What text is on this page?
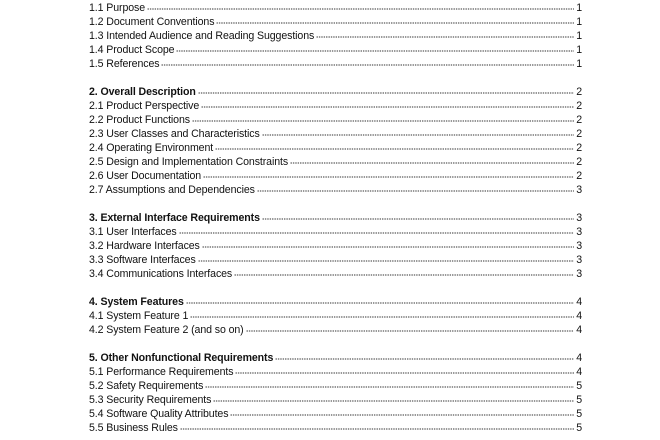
1.1 Purpose	1
1.2 Document Conventions	1
1.3 Intended Audience and Reading Suggestions	1
1.4 Product Scope	1
1.5 References	1
2. Overall Description	2
2.1 Product Perspective	2
2.2 Product Functions	2
2.3 User Classes and Characteristics	2
2.4 Operating Environment	2
2.5 Design and Implementation Constraints	2
2.6 User Documentation	2
2.7 Assumptions and Dependencies	3
3. External Interface Requirements	3
3.1 User Interfaces	3
3.2 Hardware Interfaces	3
3.3 Software Interfaces	3
3.4 Communications Interfaces	3
4. System Features	4
4.1 System Feature 1	4
4.2 System Feature 2 (and so on)	4
5. Other Nonfunctional Requirements	4
5.1 Performance Requirements	4
5.2 Safety Requirements	5
5.3 Security Requirements	5
5.4 Software Quality Attributes	5
5.5 Business Rules	5
